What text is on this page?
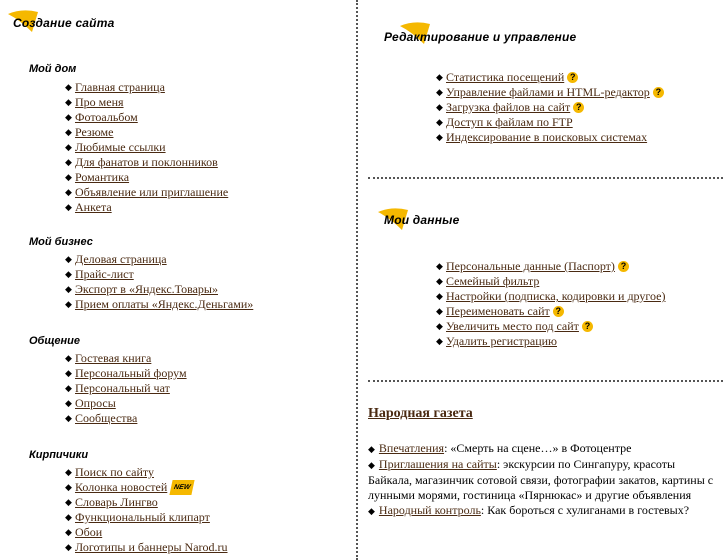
Создание сайта
Мой дом
◆ Главная страница
◆ Про меня
◆ Фотоальбом
◆ Резюме
◆ Любимые ссылки
◆ Для фанатов и поклонников
◆ Романтика
◆ Объявление или приглашение
◆ Анкета
Мой бизнес
◆ Деловая страница
◆ Прайс-лист
◆ Экспорт в «Яндекс.Товары»
◆ Прием оплаты «Яндекс.Деньгами»
Общение
◆ Гостевая книга
◆ Персональный форум
◆ Персональный чат
◆ Опросы
◆ Сообщества
Кирпичики
◆ Поиск по сайту
◆ Колонка новостей NEW
◆ Словарь Лингво
◆ Функциональный клипарт
◆ Обои
◆ Логотипы и баннеры Narod.ru
Редактирование и управление
◆ Статистика посещений ?
◆ Управление файлами и HTML-редактор ?
◆ Загрузка файлов на сайт ?
◆ Доступ к файлам по FTP
◆ Индексирование в поисковых системах
Мои данные
◆ Персональные данные (Паспорт) ?
◆ Семейный фильтр
◆ Настройки (подписка, кодировки и другое)
◆ Переименовать сайт ?
◆ Увеличить место под сайт ?
◆ Удалить регистрацию
Народная газета

◆ Впечатления: «Смерть на сцене…» в Фотоцентре

◆ Приглашения на сайты: экскурсии по Сингапуру, красоты Байкала, магазинчик сотовой связи, фотографии закатов, картины с лунными морями, гостиница «Пярнюкас» и другие объявления

◆ Народный контроль: Как бороться с хулиганами в гостевых?
